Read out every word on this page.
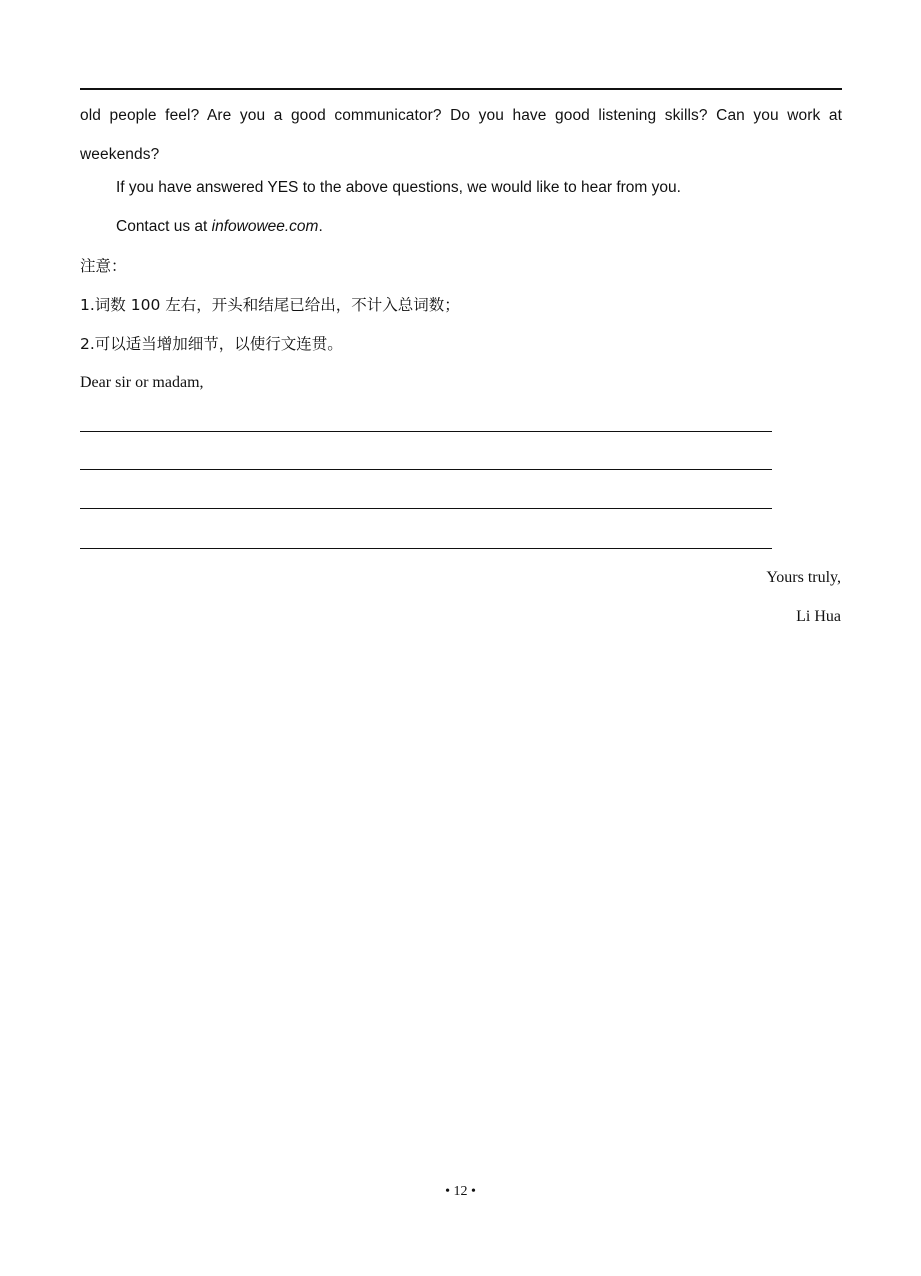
old people feel? Are you a good communicator? Do you have good listening skills? Can you work at weekends?
If you have answered YES to the above questions, we would like to hear from you.
Contact us at infowowee.com.
注意：
1.词数 100 左右，开头和结尾已给出，不计入总词数；
2.可以适当增加细节，以使行文连贯。
Dear sir or madam,
Yours truly,
Li Hua
• 12 •
